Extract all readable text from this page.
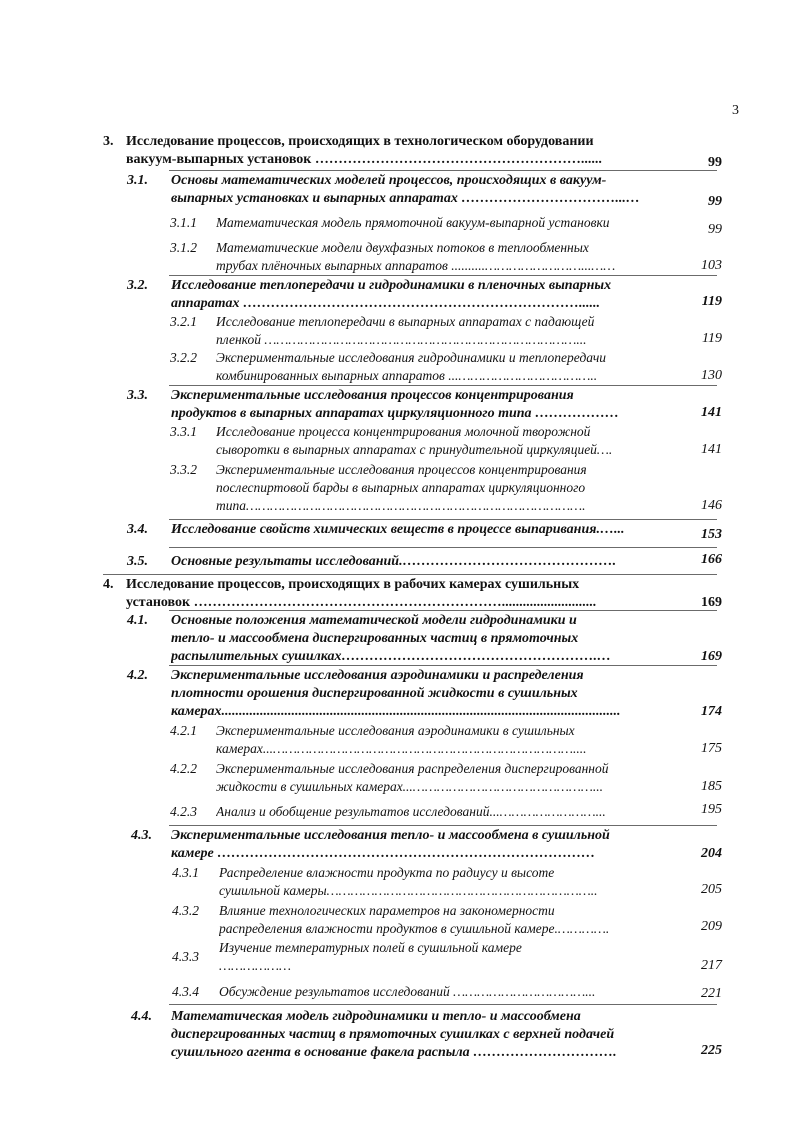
3
3. Исследование процессов, происходящих в технологическом оборудовании
вакуум-выпарных установок …………………………………………………......	99
3.1. Основы математических моделей процессов, происходящих в вакуум-
выпарных установках и выпарных аппаратах ……………………………...…	99
3.1.1 Математическая модель прямоточной вакуум-выпарной установки	99
3.1.2 Математические модели двухфазных потоков в теплообменных
трубах плёночных выпарных аппаратов ..........……………………...……	103
3.2. Исследование теплопередачи и гидродинамики в пленочных выпарных
аппаратах ………………………………………………………………......	119
3.2.1 Исследование теплопередачи в выпарных аппаратах с падающей
пленкой ……………………………………………………………………...	119
3.2.2 Экспериментальные исследования гидродинамики и теплопередачи
комбинированных выпарных аппаратов ...……………………………..	130
3.3. Экспериментальные исследования процессов концентрирования
продуктов в выпарных аппаратах циркуляционного типа ………………	141
3.3.1 Исследование процесса концентрирования молочной творожной
сыворотки в выпарных аппаратах с принудительной циркуляцией….	141
3.3.2 Экспериментальные исследования процессов концентрирования
послеспиртовой барды в выпарных аппаратах циркуляционного
типа………………………………………………………………………….	146
3.4. Исследование свойств химических веществ в процессе выпаривания.…...	153
3.5. Основные результаты исследований.……………………………………….	166
4. Исследование процессов, происходящих в рабочих камерах сушильных
установок …………………………………………………………...........................	169
4.1. Основные положения математической модели гидродинамики и
тепло- и массообмена диспергированных частиц в прямоточных
распылительных сушилках……………………………………………….…	169
4.2. Экспериментальные исследования аэродинамики и распределения
плотности орошения диспергированной жидкости в сушильных
камерах..................................................................................................................	174
4.2.1 Экспериментальные исследования аэродинамики в сушильных
камерах...…………………………………………………………………....	175
4.2.2 Экспериментальные исследования распределения диспергированной
жидкости в сушильных камерах...………………………………………...	185
4.2.3 Анализ и обобщение результатов исследований...……………………...	195
4.3. Экспериментальные исследования тепло- и массообмена в сушильной
камере ………………………………………………………………………	204
4.3.1 Распределение влажности продукта по радиусу и высоте
сушильной камеры…………………………………………………………..	205
4.3.2 Влияние технологических параметров на закономерности
распределения влажности продуктов в сушильной камере.………….	209
4.3.3
Изучение температурных полей в сушильной камере
………………	217
4.3.4 Обсуждение результатов исследований ……………………………...	221
4.4. Математическая модель гидродинамики и тепло- и массообмена
диспергированных частиц в прямоточных сушилках с верхней подачей
сушильного агента в основание факела распыла ………………………….	225
